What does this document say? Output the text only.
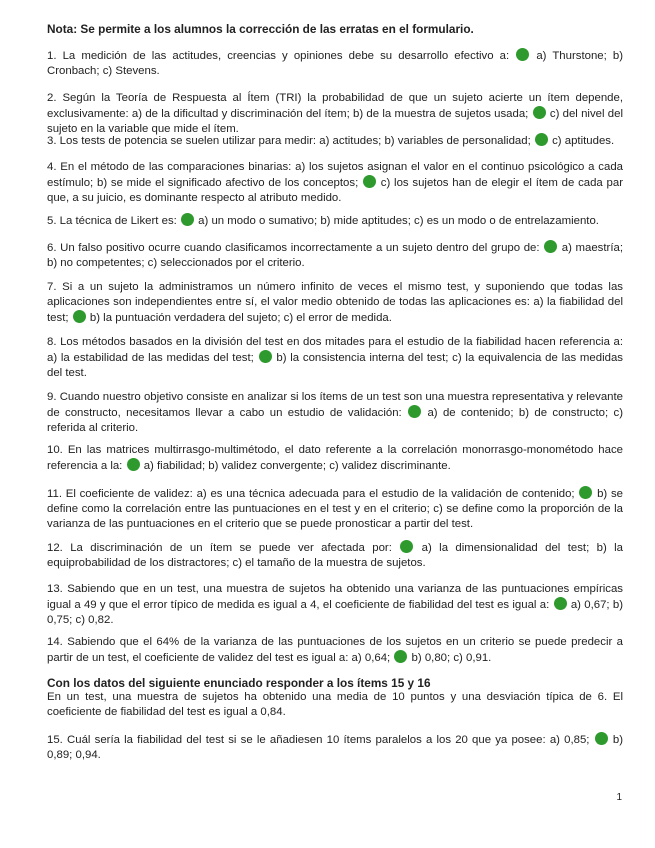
Nota: Se permite a los alumnos la corrección de las erratas en el formulario.

1. La medición de las actitudes, creencias y opiniones debe su desarrollo efectivo a: a) Thurstone; b) Cronbach; c) Stevens.

2. Según la Teoría de Respuesta al Ítem (TRI) la probabilidad de que un sujeto acierte un ítem depende, exclusivamente: a) de la dificultad y discriminación del ítem; b) de la muestra de sujetos usada; c) del nivel del sujeto en la variable que mide el ítem.

3. Los tests de potencia se suelen utilizar para medir: a) actitudes; b) variables de personalidad; c) aptitudes.

4. En el método de las comparaciones binarias: a) los sujetos asignan el valor en el continuo psicológico a cada estímulo; b) se mide el significado afectivo de los conceptos; c) los sujetos han de elegir el ítem de cada par que, a su juicio, es dominante respecto al atributo medido.

5. La técnica de Likert es: a) un modo o sumativo; b) mide aptitudes; c) es un modo o de entrelazamiento.

6. Un falso positivo ocurre cuando clasificamos incorrectamente a un sujeto dentro del grupo de: a) maestría; b) no competentes; c) seleccionados por el criterio.

7. Si a un sujeto la administramos un número infinito de veces el mismo test, y suponiendo que todas las aplicaciones son independientes entre sí, el valor medio obtenido de todas las aplicaciones es: a) la fiabilidad del test; b) la puntuación verdadera del sujeto; c) el error de medida.

8. Los métodos basados en la división del test en dos mitades para el estudio de la fiabilidad hacen referencia a: a) la estabilidad de las medidas del test; b) la consistencia interna del test; c) la equivalencia de las medidas del test.

9. Cuando nuestro objetivo consiste en analizar si los ítems de un test son una muestra representativa y relevante de constructo, necesitamos llevar a cabo un estudio de validación: a) de contenido; b) de constructo; c) referida al criterio.

10. En las matrices multirrasgo-multimétodo, el dato referente a la correlación monorrasgo-monométodo hace referencia a la: a) fiabilidad; b) validez convergente; c) validez discriminante.

11. El coeficiente de validez: a) es una técnica adecuada para el estudio de la validación de contenido; b) se define como la correlación entre las puntuaciones en el test y en el criterio; c) se define como la proporción de la varianza de las puntuaciones en el criterio que se puede pronosticar a partir del test.

12. La discriminación de un ítem se puede ver afectada por:	a) la dimensionalidad del test; b) la equiprobabilidad de los distractores; c) el tamaño de la muestra de sujetos.

13. Sabiendo que en un test, una muestra de sujetos ha obtenido una varianza de las puntuaciones empíricas igual a 49 y que el error típico de medida es igual a 4, el coeficiente de fiabilidad del test es igual a: a) 0,67; b) 0,75; c) 0,82.

14. Sabiendo que el 64% de la varianza de las puntuaciones de los sujetos en un criterio se puede predecir a partir de un test, el coeficiente de validez del test es igual a: a) 0,64; b) 0,80; c) 0,91.

Con los datos del siguiente enunciado responder a los ítems 15 y 16

En un test, una muestra de sujetos ha obtenido una media de 10 puntos y una desviación típica de 6. El coeficiente de fiabilidad del test es igual a 0,84.

15. Cuál sería la fiabilidad del test si se le añadiesen 10 ítems paralelos a los 20 que ya posee: a) 0,85; b) 0,89; 0,94.

1
